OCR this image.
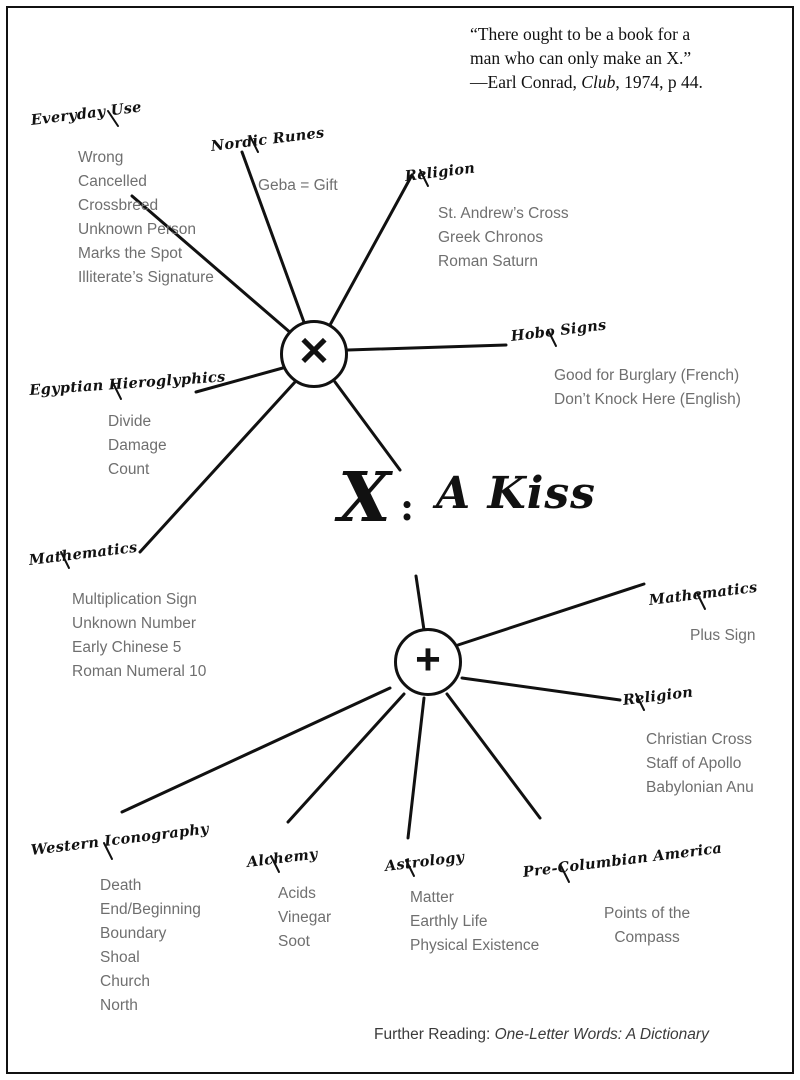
“There ought to be a book for a
man who can only make an X.”
—Earl Conrad, Club, 1974, p 44.
✕
+
X : A Kiss
Everyday Use
Wrong
Cancelled
Crossbreed
Unknown Person
Marks the Spot
Illiterate’s Signature
Nordic Runes
Geba = Gift
Religion
St. Andrew’s Cross
Greek Chronos
Roman Saturn
Hobo Signs
Good for Burglary (French)
Don’t Knock Here (English)
Egyptian Hieroglyphics
Divide
Damage
Count
Mathematics
Multiplication Sign
Unknown Number
Early Chinese 5
Roman Numeral 10
Mathematics
Plus Sign
Religion
Christian Cross
Staff of Apollo
Babylonian Anu
Pre-Columbian America
Points of the
Compass
Astrology
Matter
Earthly Life
Physical Existence
Alchemy
Acids
Vinegar
Soot
Western Iconography
Death
End/Beginning
Boundary
Shoal
Church
North
Further Reading: One-Letter Words: A Dictionary
